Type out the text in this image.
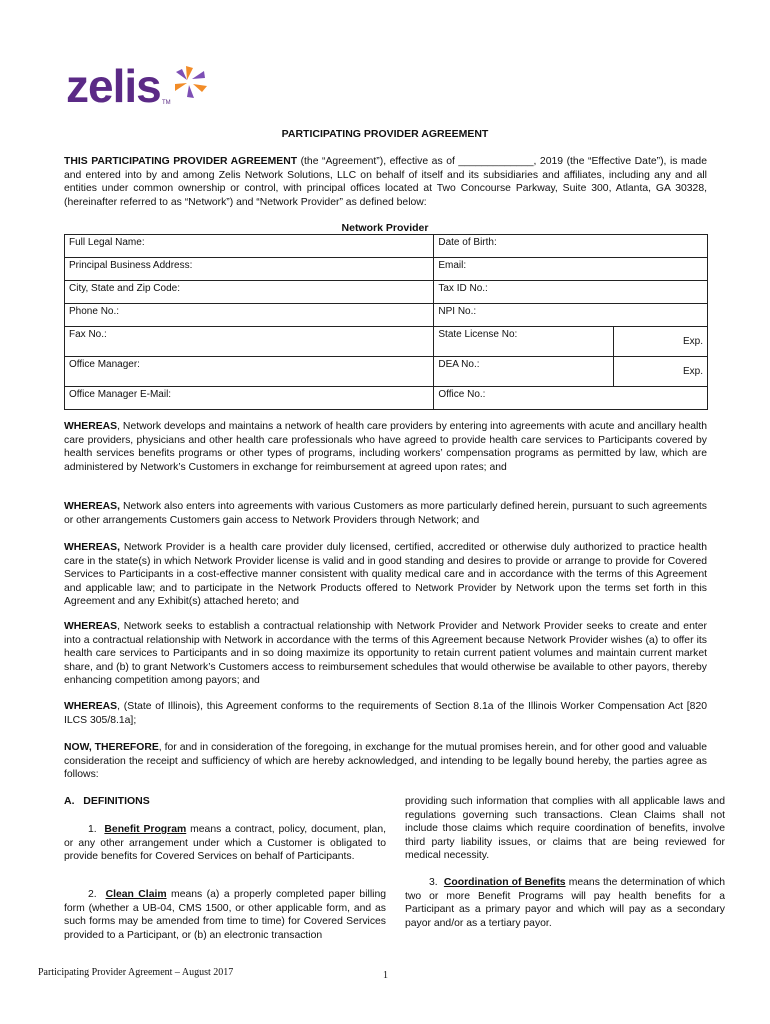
zelis TM
PARTICIPATING PROVIDER AGREEMENT

THIS PARTICIPATING PROVIDER AGREEMENT (the “Agreement”), effective as of _____________, 2019 (the “Effective Date”), is made and entered into by and among Zelis Network Solutions, LLC on behalf of itself and its subsidiaries and affiliates, including any and all entities under common ownership or control, with principal offices located at Two Concourse Parkway, Suite 300, Atlanta, GA 30328, (hereinafter referred to as “Network”) and “Network Provider” as defined below:

Network Provider
Full Legal Name:	Date of Birth:	
Principal Business Address:	Email:	
City, State and Zip Code:	Tax ID No.:	
Phone No.:	NPI No.:	
Fax No.:	State License No:	Exp.
Office Manager:	DEA No.:	Exp.
Office Manager E-Mail:	Office No.:	

WHEREAS, Network develops and maintains a network of health care providers by entering into agreements with acute and ancillary health care providers, physicians and other health care professionals who have agreed to provide health care services to Participants covered by health services benefits programs or other types of programs, including workers’ compensation programs as permitted by law, which are administered by Network’s Customers in exchange for reimbursement at agreed upon rates; and

WHEREAS, Network also enters into agreements with various Customers as more particularly defined herein, pursuant to such agreements or other arrangements Customers gain access to Network Providers through Network; and

WHEREAS, Network Provider is a health care provider duly licensed, certified, accredited or otherwise duly authorized to practice health care in the state(s) in which Network Provider license is valid and in good standing and desires to provide or arrange to provide for Covered Services to Participants in a cost-effective manner consistent with quality medical care and in accordance with the terms of this Agreement and applicable law; and to participate in the Network Products offered to Network Provider by Network upon the terms set forth in this Agreement and any Exhibit(s) attached hereto; and

WHEREAS, Network seeks to establish a contractual relationship with Network Provider and Network Provider seeks to create and enter into a contractual relationship with Network in accordance with the terms of this Agreement because Network Provider wishes (a) to offer its health care services to Participants and in so doing maximize its opportunity to retain current patient volumes and maintain current market share, and (b) to grant Network’s Customers access to reimbursement schedules that would otherwise be available to other payors, thereby enhancing competition among payors; and

WHEREAS, (State of Illinois), this Agreement conforms to the requirements of Section 8.1a of the Illinois Worker Compensation Act [820 ILCS 305/8.1a];

NOW, THEREFORE, for and in consideration of the foregoing, in exchange for the mutual promises herein, and for other good and valuable consideration the receipt and sufficiency of which are hereby acknowledged, and intending to be legally bound hereby, the parties agree as follows:

A.   DEFINITIONS

1.  Benefit Program means a contract, policy, document, plan, or any other arrangement under which a Customer is obligated to provide benefits for Covered Services on behalf of Participants.

2.  Clean Claim means (a) a properly completed paper billing form (whether a UB-04, CMS 1500, or other applicable form, and as such forms may be amended from time to time) for Covered Services provided to a Participant, or (b) an electronic transaction

providing such information that complies with all applicable laws and regulations governing such transactions. Clean Claims shall not include those claims which require coordination of benefits, involve third party liability issues, or claims that are being reviewed for medical necessity.

3.  Coordination of Benefits means the determination of which two or more Benefit Programs will pay health benefits for a Participant as a primary payor and which will pay as a secondary payor and/or as a tertiary payor.

Participating Provider Agreement – August 2017	1
